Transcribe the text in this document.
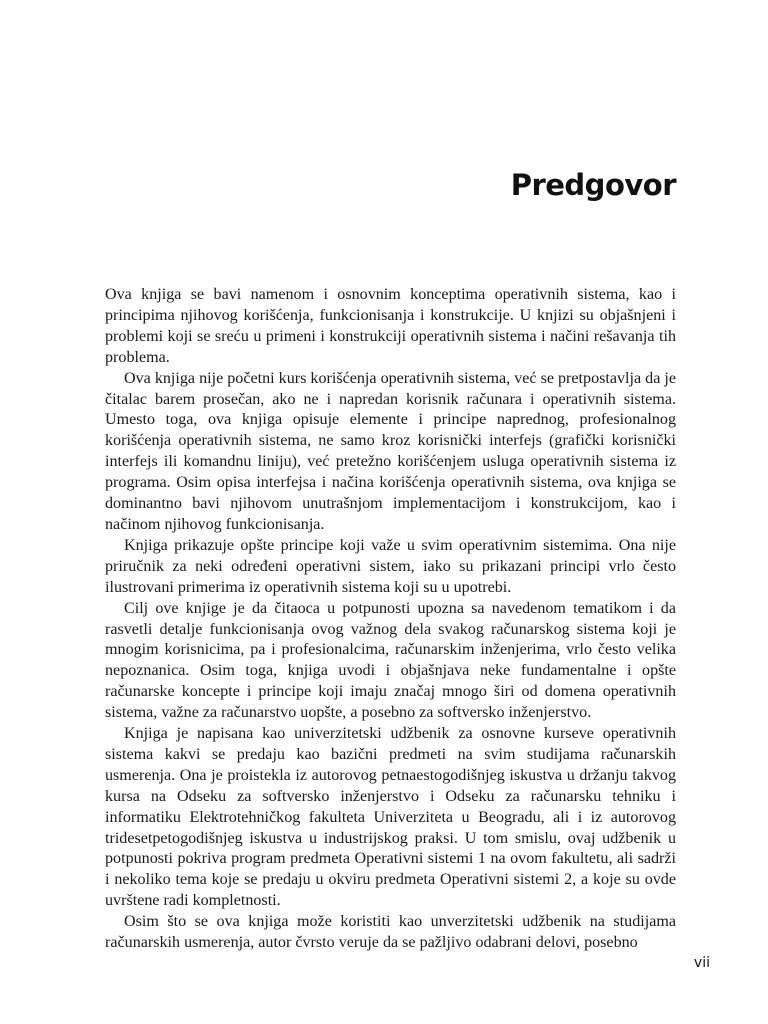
Predgovor

Ova knjiga se bavi namenom i osnovnim konceptima operativnih sistema, kao i principima njihovog korišćenja, funkcionisanja i konstrukcije. U knjizi su objašnjeni i problemi koji se sreću u primeni i konstrukciji operativnih sistema i načini rešavanja tih problema.

Ova knjiga nije početni kurs korišćenja operativnih sistema, već se pretpostavlja da je čitalac barem prosečan, ako ne i napredan korisnik računara i operativnih sistema. Umesto toga, ova knjiga opisuje elemente i principe naprednog, profesionalnog korišćenja operativnih sistema, ne samo kroz korisnički interfejs (grafički korisnički interfejs ili komandnu liniju), već pretežno korišćenjem usluga operativnih sistema iz programa. Osim opisa interfejsa i načina korišćenja operativnih sistema, ova knjiga se dominantno bavi njihovom unutrašnjom implementacijom i konstrukcijom, kao i načinom njihovog funkcionisanja.

Knjiga prikazuje opšte principe koji važe u svim operativnim sistemima. Ona nije priručnik za neki određeni operativni sistem, iako su prikazani principi vrlo često ilustrovani primerima iz operativnih sistema koji su u upotrebi.

Cilj ove knjige je da čitaoca u potpunosti upozna sa navedenom tematikom i da rasvetli detalje funkcionisanja ovog važnog dela svakog računarskog sistema koji je mnogim korisnicima, pa i profesionalcima, računarskim inženjerima, vrlo često velika nepoznanica. Osim toga, knjiga uvodi i objašnjava neke fundamentalne i opšte računarske koncepte i principe koji imaju značaj mnogo širi od domena operativnih sistema, važne za računarstvo uopšte, a posebno za softversko inženjerstvo.

Knjiga je napisana kao univerzitetski udžbenik za osnovne kurseve operativnih sistema kakvi se predaju kao bazični predmeti na svim studijama računarskih usmerenja. Ona je proistekla iz autorovog petnaestogodišnjeg iskustva u držanju takvog kursa na Odseku za softversko inženjerstvo i Odseku za računarsku tehniku i informatiku Elektrotehničkog fakulteta Univerziteta u Beogradu, ali i iz autorovog tridesetpetogodišnjeg iskustva u industrijskog praksi. U tom smislu, ovaj udžbenik u potpunosti pokriva program predmeta Operativni sistemi 1 na ovom fakultetu, ali sadrži i nekoliko tema koje se predaju u okviru predmeta Operativni sistemi 2, a koje su ovde uvrštene radi kompletnosti.

Osim što se ova knjiga može koristiti kao unverzitetski udžbenik na studijama računarskih usmerenja, autor čvrsto veruje da se pažljivo odabrani delovi, posebno

vii
